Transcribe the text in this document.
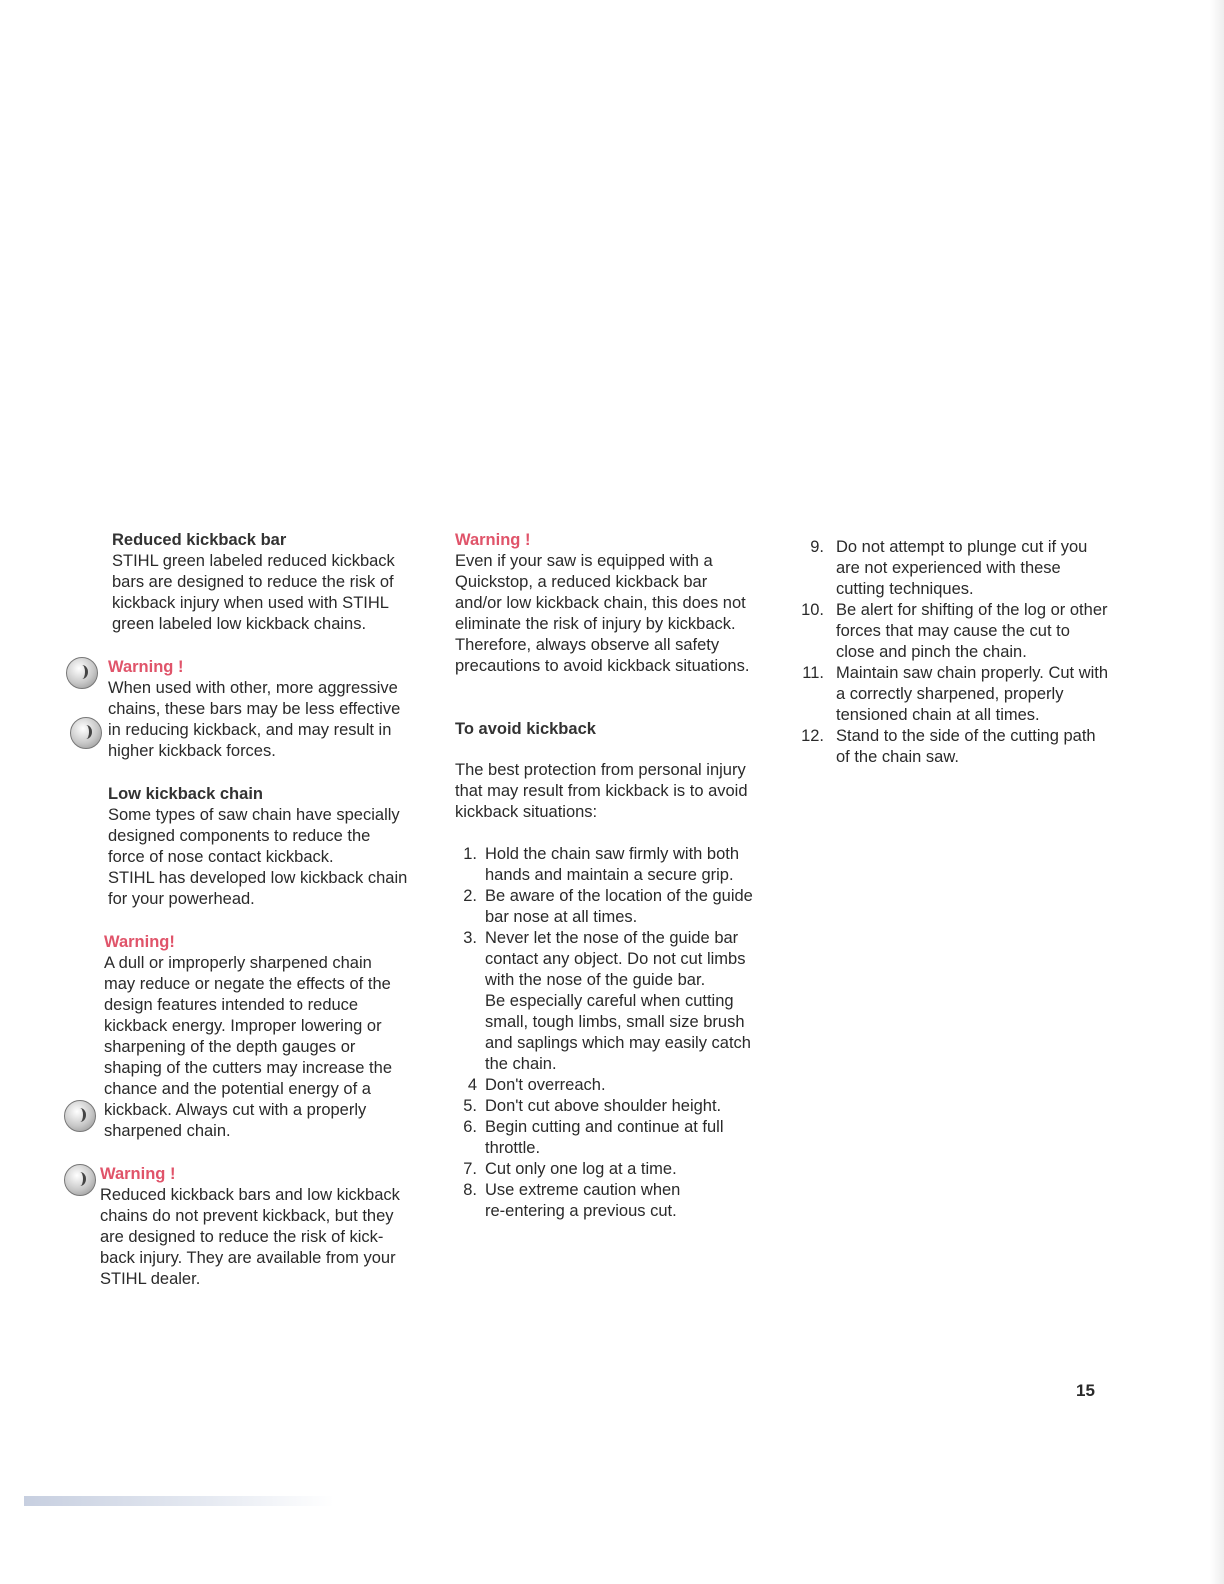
Reduced kickback bar

STIHL green labeled reduced kickback

bars are designed to reduce the risk of

kickback injury when used with STIHL

green labeled low kickback chains.

Warning !

When used with other, more aggressive

chains, these bars may be less effective

in reducing kickback, and may result in

higher kickback forces.

Low kickback chain

Some types of saw chain have specially

designed components to reduce the

force of nose contact kickback.

STIHL has developed low kickback chain

for your powerhead.

Warning!

A dull or improperly sharpened chain

may reduce or negate the effects of the

design features intended to reduce

kickback energy. Improper lowering or

sharpening of the depth gauges or

shaping of the cutters may increase the

chance and the potential energy of a

kickback. Always cut with a properly

sharpened chain.

Warning !

Reduced kickback bars and low kickback

chains do not prevent kickback, but they

are designed to reduce the risk of kick-

back injury. They are available from your

STIHL dealer.

Warning !

Even if your saw is equipped with a

Quickstop, a reduced kickback bar

and/or low kickback chain, this does not

eliminate the risk of injury by kickback.

Therefore, always observe all safety

precautions to avoid kickback situations.

To avoid kickback

The best protection from personal injury

that may result from kickback is to avoid

kickback situations:

1. Hold the chain saw firmly with both

hands and maintain a secure grip.

2. Be aware of the location of the guide

bar nose at all times.

3. Never let the nose of the guide bar

contact any object. Do not cut limbs

with the nose of the guide bar.

Be especially careful when cutting

small, tough limbs, small size brush

and saplings which may easily catch

the chain.

4 Don't overreach.

5. Don't cut above shoulder height.

6. Begin cutting and continue at full

throttle.

7. Cut only one log at a time.

8. Use extreme caution when

re-entering a previous cut.

9. Do not attempt to plunge cut if you

are not experienced with these

cutting techniques.

10. Be alert for shifting of the log or other

forces that may cause the cut to

close and pinch the chain.

11. Maintain saw chain properly. Cut with

a correctly sharpened, properly

tensioned chain at all times.

12. Stand to the side of the cutting path

of the chain saw.

15
